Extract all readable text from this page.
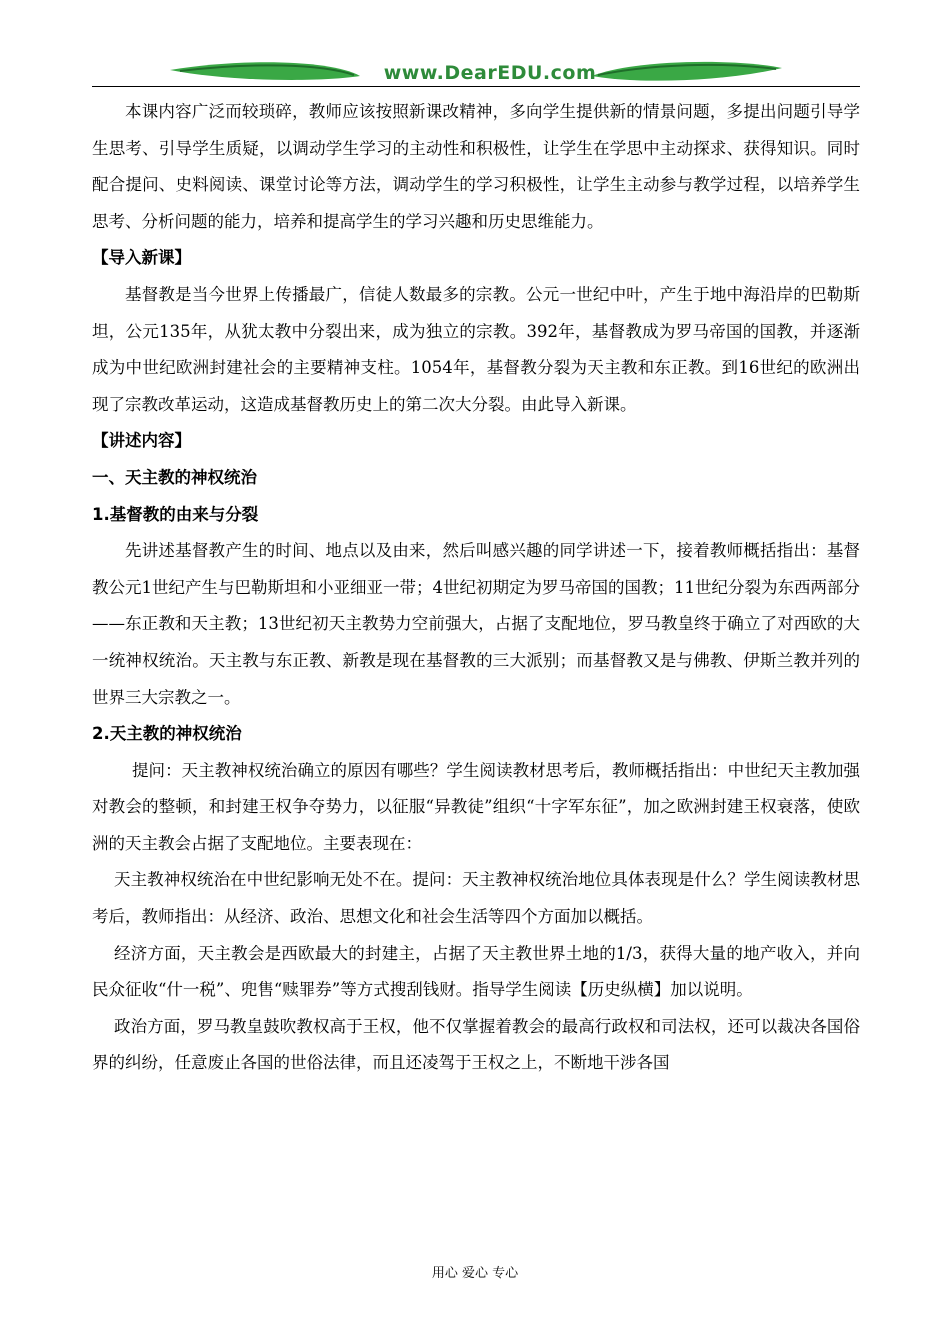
www.DearEDU.com

本课内容广泛而较琐碎，教师应该按照新课改精神，多向学生提供新的情景问题，多提出问题引导学生思考、引导学生质疑，以调动学生学习的主动性和积极性，让学生在学思中主动探求、获得知识。同时配合提问、史料阅读、课堂讨论等方法，调动学生的学习积极性，让学生主动参与教学过程，以培养学生思考、分析问题的能力，培养和提高学生的学习兴趣和历史思维能力。

【导入新课】

基督教是当今世界上传播最广，信徒人数最多的宗教。公元一世纪中叶，产生于地中海沿岸的巴勒斯坦，公元135年，从犹太教中分裂出来，成为独立的宗教。392年，基督教成为罗马帝国的国教，并逐渐成为中世纪欧洲封建社会的主要精神支柱。1054年，基督教分裂为天主教和东正教。到16世纪的欧洲出现了宗教改革运动，这造成基督教历史上的第二次大分裂。由此导入新课。

【讲述内容】

一、天主教的神权统治

1.基督教的由来与分裂

先讲述基督教产生的时间、地点以及由来，然后叫感兴趣的同学讲述一下，接着教师概括指出：基督教公元1世纪产生与巴勒斯坦和小亚细亚一带；4世纪初期定为罗马帝国的国教；11世纪分裂为东西两部分——东正教和天主教；13世纪初天主教势力空前强大，占据了支配地位，罗马教皇终于确立了对西欧的大一统神权统治。天主教与东正教、新教是现在基督教的三大派别；而基督教又是与佛教、伊斯兰教并列的世界三大宗教之一。

2.天主教的神权统治

提问：天主教神权统治确立的原因有哪些？学生阅读教材思考后，教师概括指出：中世纪天主教加强对教会的整顿，和封建王权争夺势力，以征服“异教徒”组织“十字军东征”，加之欧洲封建王权衰落，使欧洲的天主教会占据了支配地位。主要表现在：

天主教神权统治在中世纪影响无处不在。提问：天主教神权统治地位具体表现是什么？学生阅读教材思考后，教师指出：从经济、政治、思想文化和社会生活等四个方面加以概括。

经济方面，天主教会是西欧最大的封建主，占据了天主教世界土地的1/3，获得大量的地产收入，并向民众征收“什一税”、兜售“赎罪券”等方式搜刮钱财。指导学生阅读【历史纵横】加以说明。

政治方面，罗马教皇鼓吹教权高于王权，他不仅掌握着教会的最高行政权和司法权，还可以裁决各国俗界的纠纷，任意废止各国的世俗法律，而且还凌驾于王权之上，不断地干涉各国

用心 爱心 专心
